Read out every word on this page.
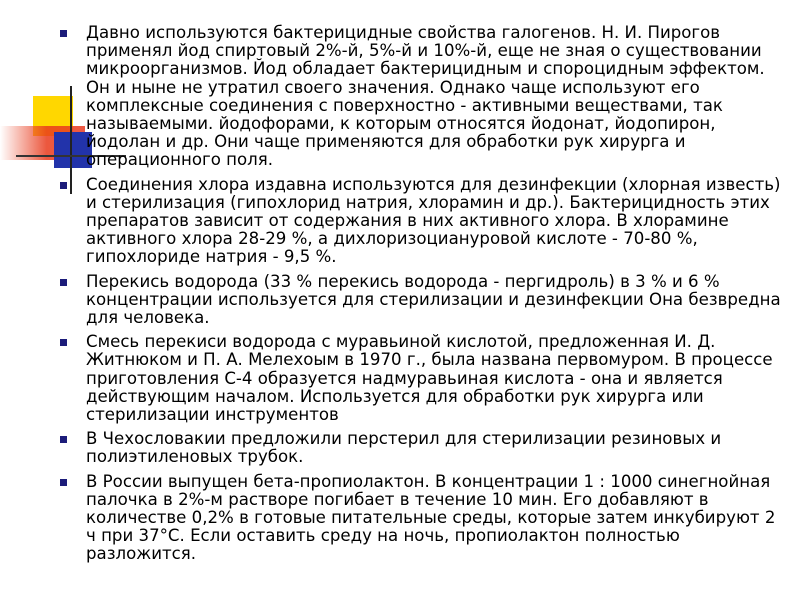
Давно используются бактерицидные свойства галогенов. Н. И. Пирогов применял йод спиртовый 2%-й, 5%-й и 10%-й, еще не зная о существовании микроорганизмов. Йод обладает бактерицидным и спороцидным эффектом. Он и ныне не утратил своего значения. Однако чаще используют его комплексные соединения с поверхностно - активными веществами, так называемыми. йодофорами, к которым относятся йодонат, йодопирон, йодолан и др. Они чаще применяются для обработки рук хирурга и операционного поля.
Соединения хлора издавна используются для дезинфекции (хлорная известь) и стерилизация (гипохлорид натрия, хлорамин и др.). Бактерицидность этих препаратов зависит от содержания в них активного хлора. В хлорамине активного хлора 28-29 %, а дихлоризоциануровой кислоте - 70-80 %, гипохлориде натрия - 9,5 %.
Перекись водорода (33 % перекись водорода - пергидроль) в 3 % и 6 % концентрации используется для стерилизации и дезинфекции Она безвредна для человека.
Смесь перекиси водорода с муравьиной кислотой, предложенная И. Д. Житнюком и П. А. Мелехоым в 1970 г., была названа первомуром. В процессе приготовления С-4 образуется надмуравьиная кислота - она и является действующим началом. Используется для обработки рук хирурга или стерилизации инструментов
В Чехословакии предложили перстерил для стерилизации резиновых и полиэтиленовых трубок.
В России выпущен бета-пропиолактон. В концентрации 1 : 1000 синегнойная палочка в 2%-м растворе погибает в течение 10 мин. Его добавляют в количестве 0,2% в готовые питательные среды, которые затем инкубируют 2 ч при 37°С. Если оставить среду на ночь, пропиолактон полностью разложится.
